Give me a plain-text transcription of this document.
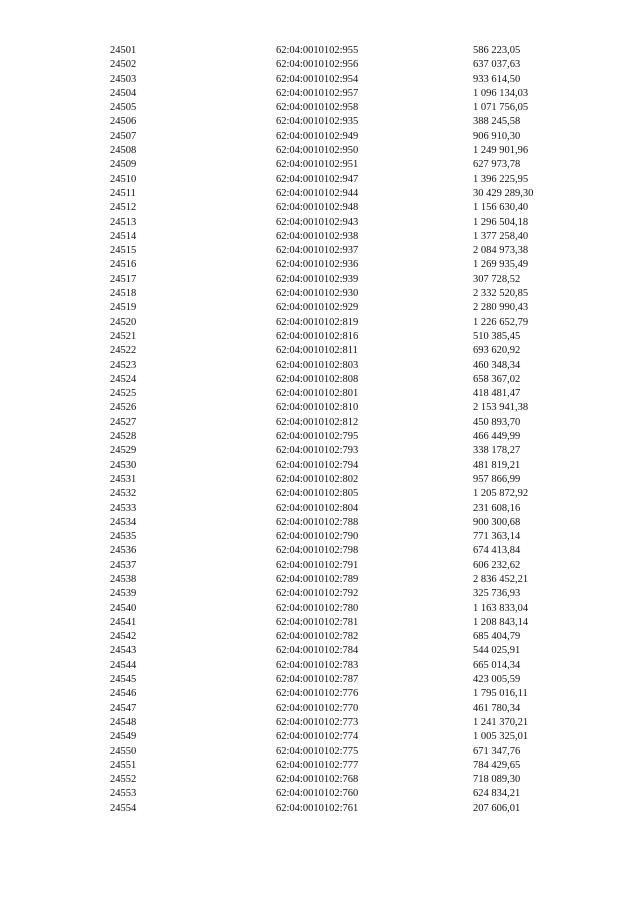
24501	62:04:0010102:955	586 223,05
24502	62:04:0010102:956	637 037,63
24503	62:04:0010102:954	933 614,50
24504	62:04:0010102:957	1 096 134,03
24505	62:04:0010102:958	1 071 756,05
24506	62:04:0010102:935	388 245,58
24507	62:04:0010102:949	906 910,30
24508	62:04:0010102:950	1 249 901,96
24509	62:04:0010102:951	627 973,78
24510	62:04:0010102:947	1 396 225,95
24511	62:04:0010102:944	30 429 289,30
24512	62:04:0010102:948	1 156 630,40
24513	62:04:0010102:943	1 296 504,18
24514	62:04:0010102:938	1 377 258,40
24515	62:04:0010102:937	2 084 973,38
24516	62:04:0010102:936	1 269 935,49
24517	62:04:0010102:939	307 728,52
24518	62:04:0010102:930	2 332 520,85
24519	62:04:0010102:929	2 280 990,43
24520	62:04:0010102:819	1 226 652,79
24521	62:04:0010102:816	510 385,45
24522	62:04:0010102:811	693 620,92
24523	62:04:0010102:803	460 348,34
24524	62:04:0010102:808	658 367,02
24525	62:04:0010102:801	418 481,47
24526	62:04:0010102:810	2 153 941,38
24527	62:04:0010102:812	450 893,70
24528	62:04:0010102:795	466 449,99
24529	62:04:0010102:793	338 178,27
24530	62:04:0010102:794	481 819,21
24531	62:04:0010102:802	957 866,99
24532	62:04:0010102:805	1 205 872,92
24533	62:04:0010102:804	231 608,16
24534	62:04:0010102:788	900 300,68
24535	62:04:0010102:790	771 363,14
24536	62:04:0010102:798	674 413,84
24537	62:04:0010102:791	606 232,62
24538	62:04:0010102:789	2 836 452,21
24539	62:04:0010102:792	325 736,93
24540	62:04:0010102:780	1 163 833,04
24541	62:04:0010102:781	1 208 843,14
24542	62:04:0010102:782	685 404,79
24543	62:04:0010102:784	544 025,91
24544	62:04:0010102:783	665 014,34
24545	62:04:0010102:787	423 005,59
24546	62:04:0010102:776	1 795 016,11
24547	62:04:0010102:770	461 780,34
24548	62:04:0010102:773	1 241 370,21
24549	62:04:0010102:774	1 005 325,01
24550	62:04:0010102:775	671 347,76
24551	62:04:0010102:777	784 429,65
24552	62:04:0010102:768	718 089,30
24553	62:04:0010102:760	624 834,21
24554	62:04:0010102:761	207 606,01
